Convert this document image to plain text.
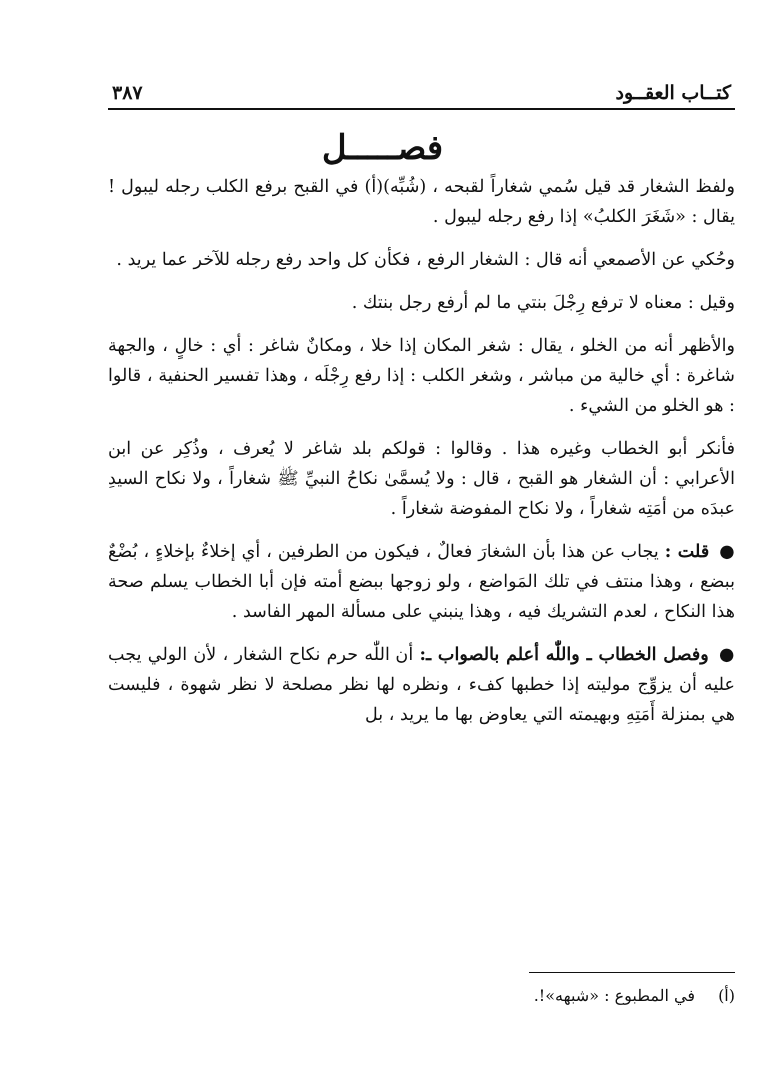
كتــاب العقــود
٣٨٧
فصـــــل

ولفظ الشغار قد قيل سُمي شغاراً لقبحه ، (شُبِّه)(أ) في القبح برفع الكلب رجله ليبول ! يقال : «شَغَرَ الكلبُ» إذا رفع رجله ليبول .

وحُكي عن الأصمعي أنه قال : الشغار الرفع ، فكأن كل واحد رفع رجله للآخر عما يريد .

وقيل : معناه لا ترفع رِجْلَ بنتي ما لم أرفع رجل بنتك .

والأظهر أنه من الخلو ، يقال : شغر المكان إذا خلا ، ومكانٌ شاغر : أي : خالٍ ، والجهة شاغرة : أي خالية من مباشر ، وشغر الكلب : إذا رفع رِجْلَه ، وهذا تفسير الحنفية ، قالوا : هو الخلو من الشيء .

فأنكر أبو الخطاب وغيره هذا . وقالوا : قولكم بلد شاغر لا يُعرف ، وذُكِر عن ابن الأعرابي : أن الشغار هو القبح ، قال : ولا يُسمَّىٰ نكاحُ النبيِّ ﷺ شغاراً ، ولا نكاح السيدِ عبدَه من أمَتِه شغاراً ، ولا نكاح المفوضة شغاراً .

● قلت : يجاب عن هذا بأن الشغارَ فعالٌ ، فيكون من الطرفين ، أي إخلاءٌ بإخلاءٍ ، بُضْعٌ ببضع ، وهذا منتف في تلك المَواضع ، ولو زوجها ببضع أمته فإن أبا الخطاب يسلم صحة هذا النكاح ، لعدم التشريك فيه ، وهذا ينبني على مسألة المهر الفاسد .

● وفصل الخطاب ـ واللّٰه أعلم بالصواب ـ: أن اللّٰه حرم نكاح الشغار ، لأن الولي يجب عليه أن يزوِّج موليته إذا خطبها كفء ، ونظره لها نظر مصلحة لا نظر شهوة ، فليست هي بمنزلة أَمَتِهِ وبهيمته التي يعاوض بها ما يريد ، بل

(أ) في المطبوع : «شبهه»!.
